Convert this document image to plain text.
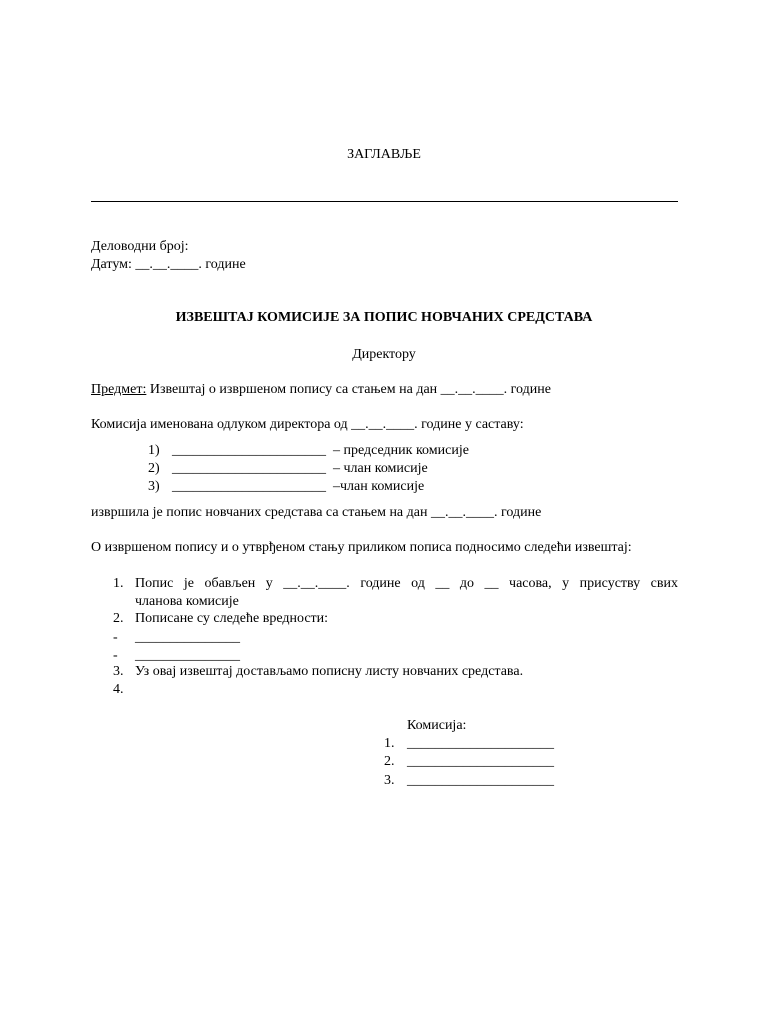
ЗАГЛАВЉЕ
Деловодни број:
Датум: __.__.____. године
ИЗВЕШТАЈ КОМИСИЈЕ ЗА ПОПИС НОВЧАНИХ СРЕДСТАВА
Директору
Предмет: Извештај о извршеном попису са стањем на дан __.__.____. године
Комисија именована одлуком директора од __.__.____. године у саставу:
1) ______________________ – председник комисије
2) ______________________ – члан комисије
3) ______________________ –члан комисије
извршила је попис новчаних средстава са стањем на дан __.__.____. године
О извршеном попису и о утврђеном стању приликом пописа подносимо следећи извештај:
1. Попис је обављен у __.__.____. године од __ до __ часова, у присуству свих
чланова комисије
2. Пописане су следеће вредности:
- _______________
- _______________
3. Уз овај извештај достављамо пописну листу новчаних средстава.
4.
Комисија:
1. _____________________
2. _____________________
3. _____________________
